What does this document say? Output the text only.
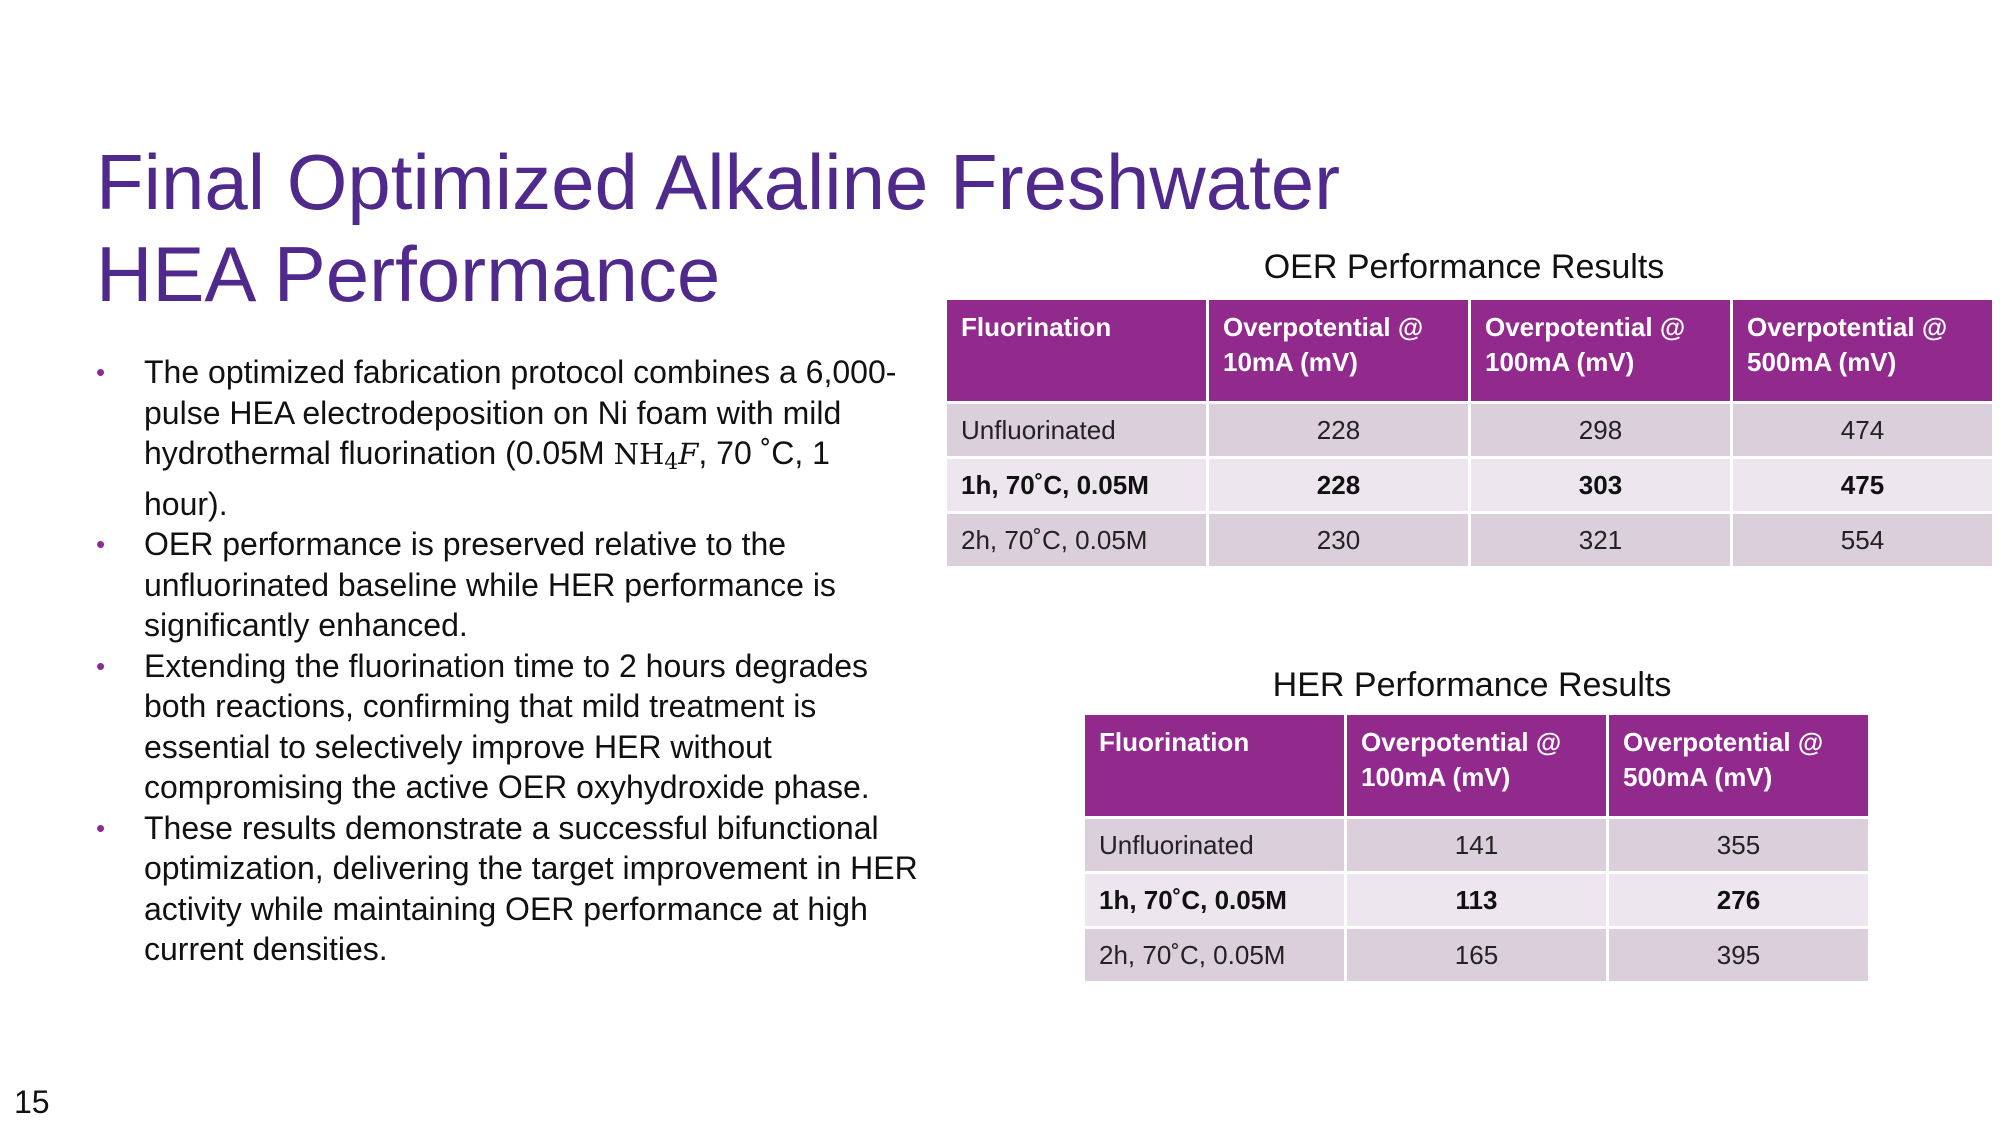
Final Optimized Alkaline Freshwater
HEA Performance
• The optimized fabrication protocol combines a 6,000-pulse HEA electrodeposition on Ni foam with mild hydrothermal fluorination (0.05M NH4F, 70 ˚C, 1 hour).
• OER performance is preserved relative to the unfluorinated baseline while HER performance is significantly enhanced.
• Extending the fluorination time to 2 hours degrades both reactions, confirming that mild treatment is essential to selectively improve HER without compromising the active OER oxyhydroxide phase.
• These results demonstrate a successful bifunctional optimization, delivering the target improvement in HER activity while maintaining OER performance at high current densities.
OER Performance Results
Fluorination	Overpotential @ 10mA (mV)	Overpotential @ 100mA (mV)	Overpotential @ 500mA (mV)
Unfluorinated	228	298	474
1h, 70˚C, 0.05M	228	303	475
2h, 70˚C, 0.05M	230	321	554
HER Performance Results
Fluorination	Overpotential @ 100mA (mV)	Overpotential @ 500mA (mV)
Unfluorinated	141	355
1h, 70˚C, 0.05M	113	276
2h, 70˚C, 0.05M	165	395
15
